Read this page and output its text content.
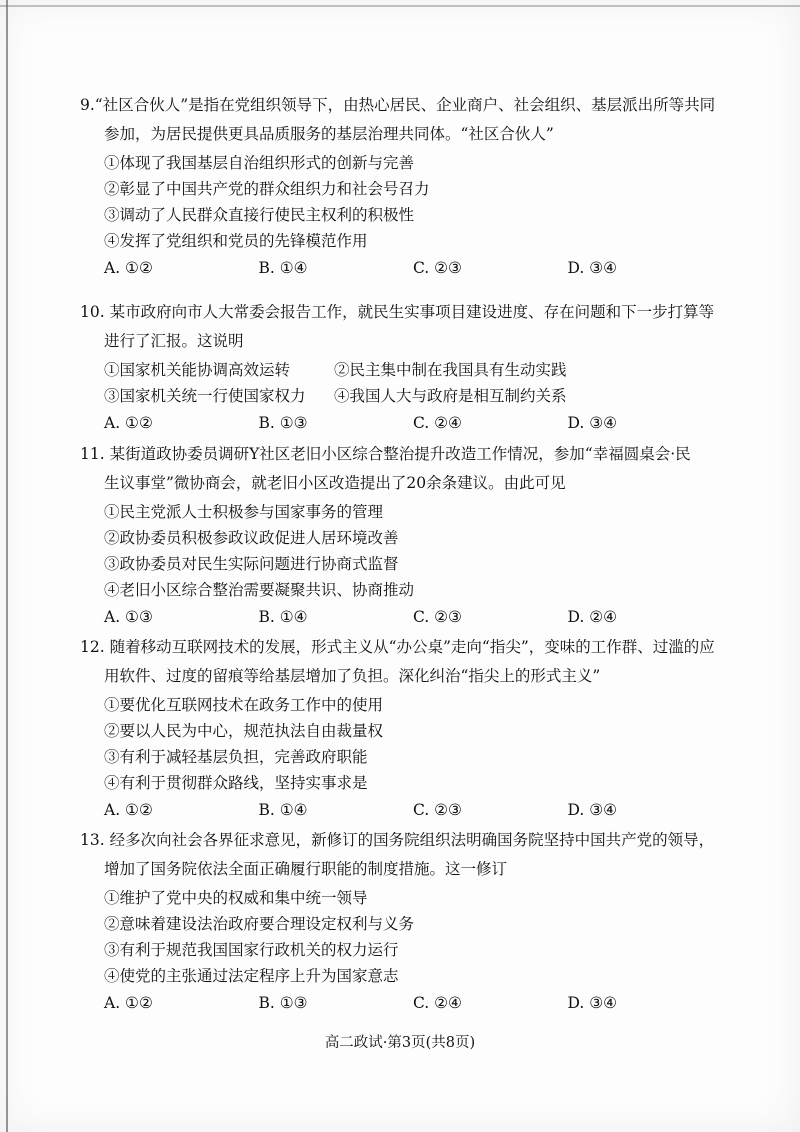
9.“社区合伙人”是指在党组织领导下，由热心居民、企业商户、社会组织、基层派出所等共同
参加，为居民提供更具品质服务的基层治理共同体。“社区合伙人”
①体现了我国基层自治组织形式的创新与完善
②彰显了中国共产党的群众组织力和社会号召力
③调动了人民群众直接行使民主权利的积极性
④发挥了党组织和党员的先锋模范作用
A. ①②	B. ①④	C. ②③	D. ③④
10. 某市政府向市人大常委会报告工作，就民生实事项目建设进度、存在问题和下一步打算等
进行了汇报。这说明
①国家机关能协调高效运转	②民主集中制在我国具有生动实践
③国家机关统一行使国家权力	④我国人大与政府是相互制约关系
A. ①②	B. ①③	C. ②④	D. ③④
11. 某街道政协委员调研Y社区老旧小区综合整治提升改造工作情况，参加“幸福圆桌会·民
生议事堂”微协商会，就老旧小区改造提出了20余条建议。由此可见
①民主党派人士积极参与国家事务的管理
②政协委员积极参政议政促进人居环境改善
③政协委员对民生实际问题进行协商式监督
④老旧小区综合整治需要凝聚共识、协商推动
A. ①③	B. ①④	C. ②③	D. ②④
12. 随着移动互联网技术的发展，形式主义从“办公桌”走向“指尖”，变味的工作群、过滥的应
用软件、过度的留痕等给基层增加了负担。深化纠治“指尖上的形式主义”
①要优化互联网技术在政务工作中的使用
②要以人民为中心，规范执法自由裁量权
③有利于减轻基层负担，完善政府职能
④有利于贯彻群众路线，坚持实事求是
A. ①②	B. ①④	C. ②③	D. ③④
13. 经多次向社会各界征求意见，新修订的国务院组织法明确国务院坚持中国共产党的领导，
增加了国务院依法全面正确履行职能的制度措施。这一修订
①维护了党中央的权威和集中统一领导
②意味着建设法治政府要合理设定权利与义务
③有利于规范我国国家行政机关的权力运行
④使党的主张通过法定程序上升为国家意志
A. ①②	B. ①③	C. ②④	D. ③④
高二政试·第3页(共8页)
